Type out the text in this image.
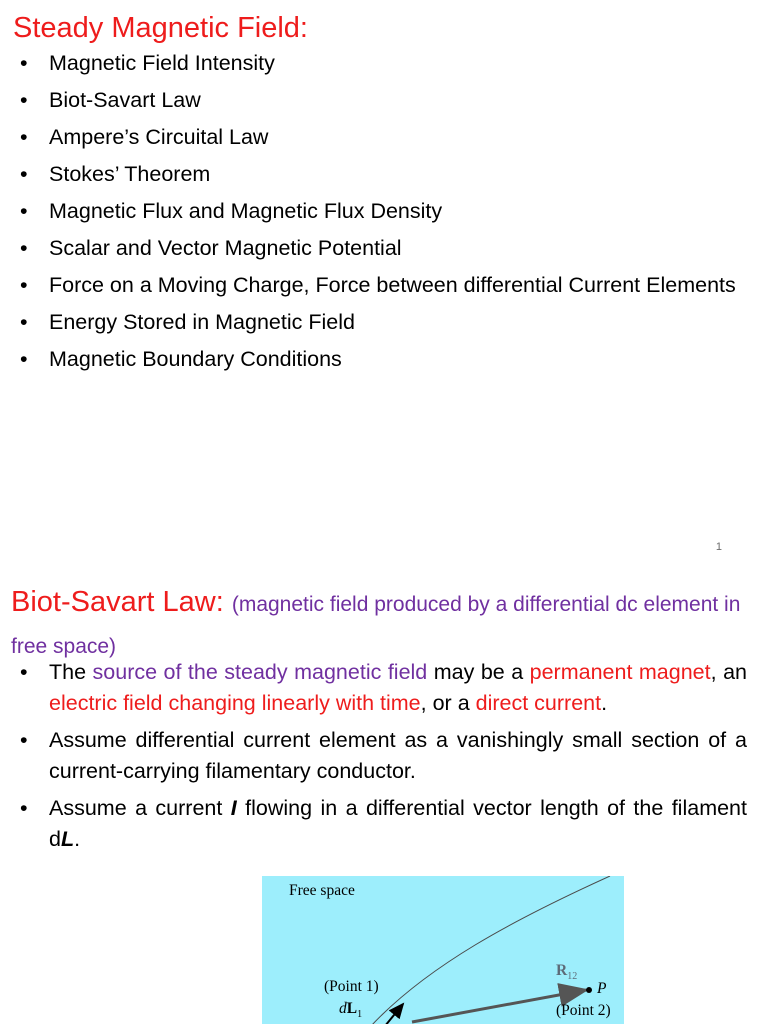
Steady Magnetic Field:
• Magnetic Field Intensity
• Biot-Savart Law
• Ampere’s Circuital Law
• Stokes’ Theorem
• Magnetic Flux and Magnetic Flux Density
• Scalar and Vector Magnetic Potential
• Force on a Moving Charge, Force between differential Current Elements
• Energy Stored in Magnetic Field
• Magnetic Boundary Conditions
1
Biot-Savart Law: (magnetic field produced by a differential dc element in free space)
• The source of the steady magnetic field may be a permanent magnet, an electric field changing linearly with time, or a direct current.
• Assume differential current element as a vanishingly small section of a current-carrying filamentary conductor.
• Assume a current I flowing in a differential vector length of the filament dL.
Free space
(Point 1)
$dL_1$
$R_{12}$
P
(Point 2)
